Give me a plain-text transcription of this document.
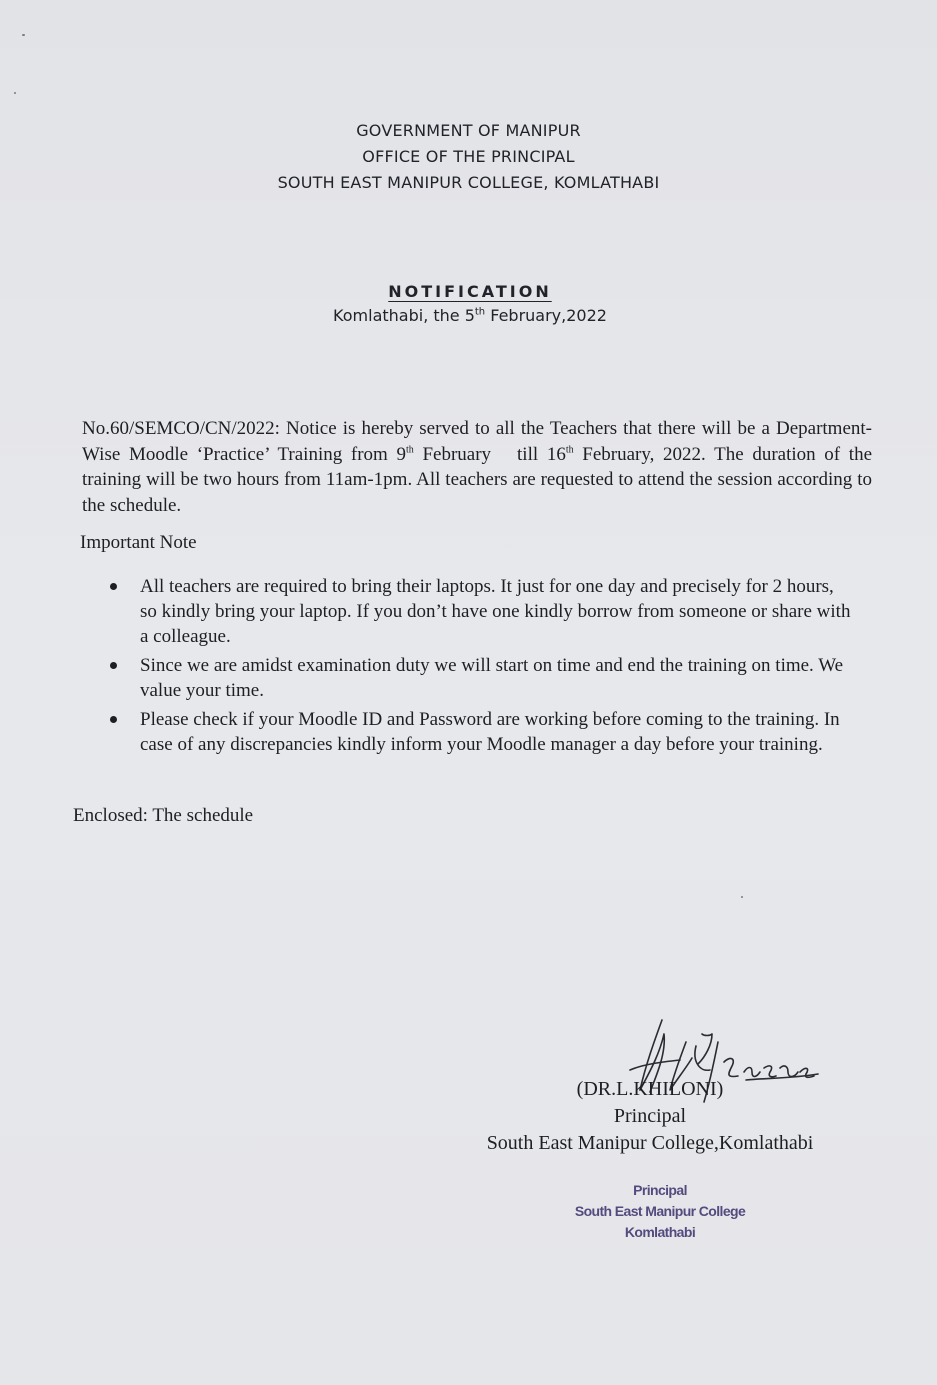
GOVERNMENT OF MANIPUR
OFFICE OF THE PRINCIPAL
SOUTH EAST MANIPUR COLLEGE, KOMLATHABI
NOTIFICATION
Komlathabi, the 5th February,2022
No.60/SEMCO/CN/2022: Notice is hereby served to all the Teachers that there will be a Department-Wise Moodle ‘Practice’ Training from 9th February   till 16th February, 2022. The duration of the training will be two hours from 11am-1pm. All teachers are requested to attend the session according to the schedule.
Important Note
All teachers are required to bring their laptops. It just for one day and precisely for 2 hours, so kindly bring your laptop. If you don’t have one kindly borrow from someone or share with a colleague.
Since we are amidst examination duty we will start on time and end the training on time. We value your time.
Please check if your Moodle ID and Password are working before coming to the training. In case of any discrepancies kindly inform your Moodle manager a day before your training.
Enclosed: The schedule
(DR.L.KHILONI)
Principal
South East Manipur College,Komlathabi
Principal
South East Manipur College
Komlathabi
